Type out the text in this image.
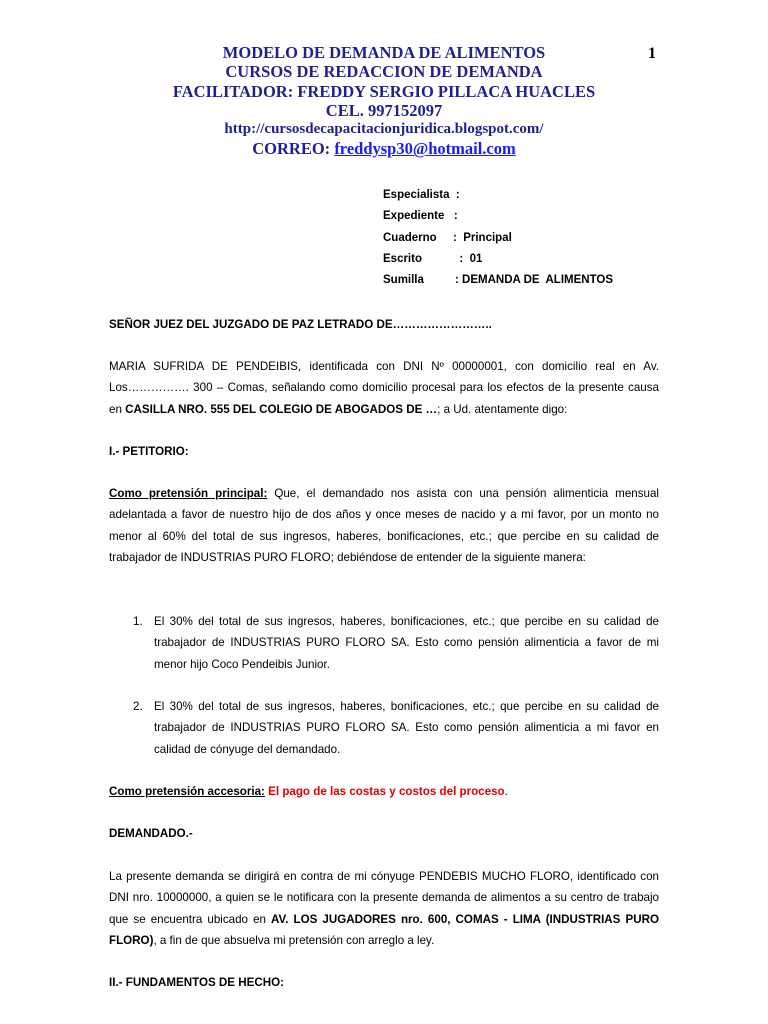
MODELO DE DEMANDA DE ALIMENTOS
CURSOS DE REDACCION DE DEMANDA
FACILITADOR: FREDDY SERGIO PILLACA HUACLES
CEL. 997152097
http://cursosdecapacitacionjuridica.blogspot.com/
CORREO: freddysp30@hotmail.com
1
Especialista  :
Expediente   :
Cuaderno :  Principal
Escrito	:  01
Sumilla	: DEMANDA DE  ALIMENTOS
SEÑOR JUEZ DEL JUZGADO DE PAZ LETRADO DE……………………..
MARIA SUFRIDA DE PENDEIBIS, identificada con DNI Nº 00000001, con domicilio real en Av. Los……………. 300 – Comas, señalando como domicilio procesal para los efectos de la presente causa en CASILLA NRO. 555 DEL COLEGIO DE ABOGADOS DE …; a Ud. atentamente digo:
I.- PETITORIO:
Como pretensión principal: Que, el demandado nos asista con una pensión alimenticia mensual adelantada a favor de nuestro hijo de dos años y once meses de nacido y a mi favor, por un monto no menor al 60% del total de sus ingresos, haberes, bonificaciones, etc.; que percibe en su calidad de trabajador de INDUSTRIAS PURO FLORO; debiéndose de entender de la siguiente manera:
1. El 30% del total de sus ingresos, haberes, bonificaciones, etc.; que percibe en su calidad de trabajador de INDUSTRIAS PURO FLORO SA. Esto como pensión alimenticia a favor de mi menor hijo Coco Pendeibis Junior.
2. El 30% del total de sus ingresos, haberes, bonificaciones, etc.; que percibe en su calidad de trabajador de INDUSTRIAS PURO FLORO SA. Esto como pensión alimenticia a mi favor en calidad de cónyuge del demandado.
Como pretensión accesoria: El pago de las costas y costos del proceso.
DEMANDADO.-
La presente demanda se dirigirá en contra de mi cónyuge PENDEBIS MUCHO FLORO, identificado con DNI nro. 10000000, a quien se le notificara con la presente demanda de alimentos a su centro de trabajo que se encuentra ubicado en AV. LOS JUGADORES nro. 600, COMAS - LIMA (INDUSTRIAS PURO FLORO), a fin de que absuelva mi pretensión con arreglo a ley.
II.- FUNDAMENTOS DE HECHO:
